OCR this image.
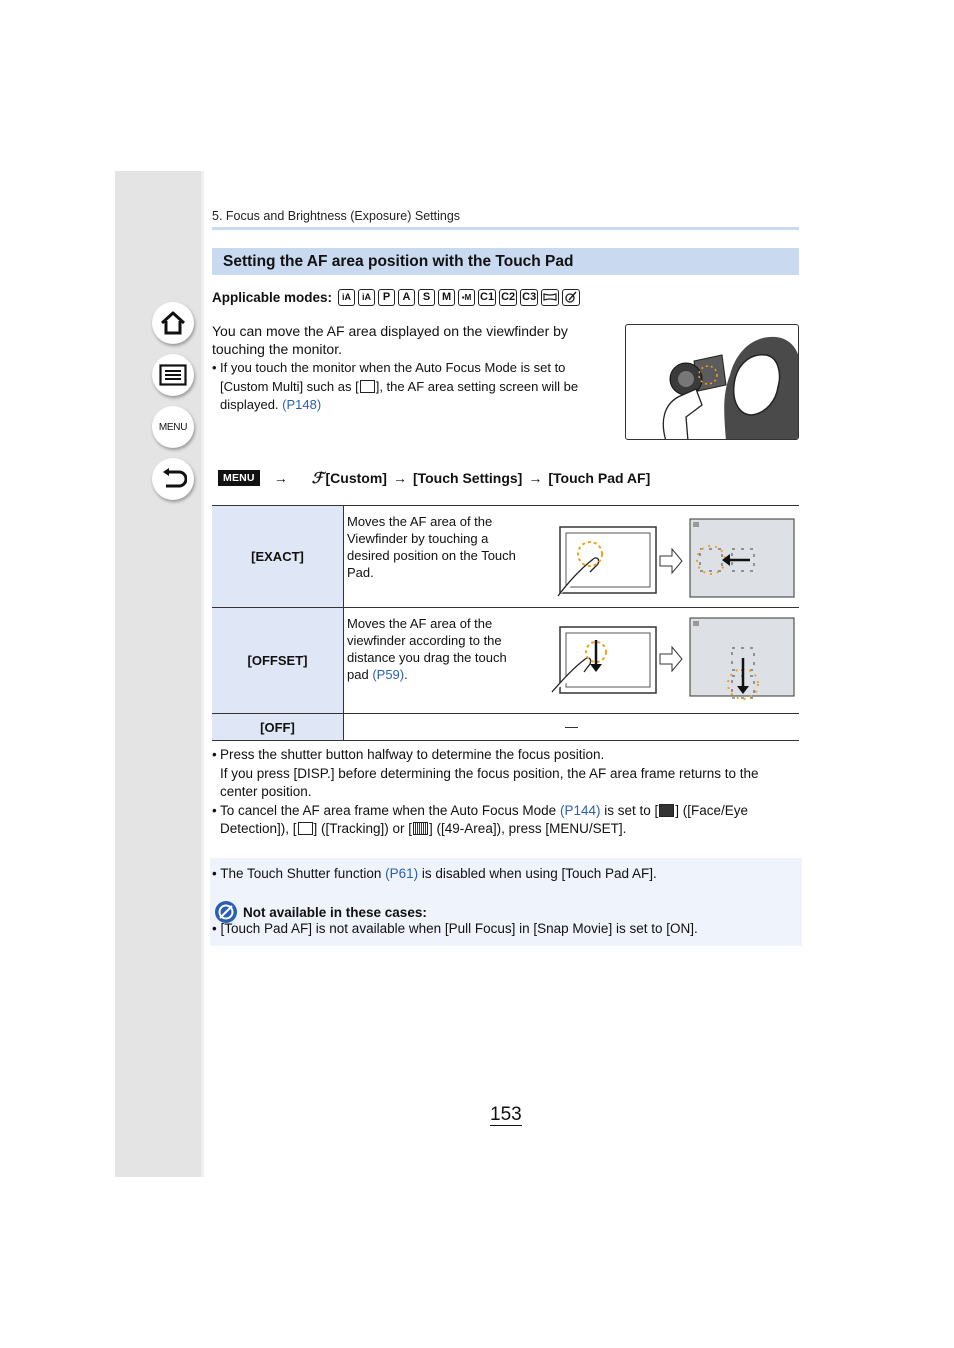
MENU
5. Focus and Brightness (Exposure) Settings
Setting the AF area position with the Touch Pad
Applicable modes:	iA	iA	P	A	S	M	▪M C1 C2 C3
You can move the AF area displayed on the viewfinder by touching the monitor.
• If you touch the monitor when the Auto Focus Mode is set to [Custom Multi] such as [ ], the AF area setting screen will be displayed. (P148)
MENU	→ ℱ [Custom] → [Touch Settings] → [Touch Pad AF]
[EXACT]
Moves the AF area of the Viewfinder by touching a desired position on the Touch Pad.
[OFFSET]
Moves the AF area of the viewfinder according to the distance you drag the touch pad (P59).
[OFF]	—
• Press the shutter button halfway to determine the focus position.
If you press [DISP.] before determining the focus position, the AF area frame returns to the center position.
• To cancel the AF area frame when the Auto Focus Mode (P144) is set to [ ] ([Face/Eye Detection]), [ ] ([Tracking]) or [ ] ([49-Area]), press [MENU/SET].
• The Touch Shutter function (P61) is disabled when using [Touch Pad AF].
Not available in these cases:
• [Touch Pad AF] is not available when [Pull Focus] in [Snap Movie] is set to [ON].
153
